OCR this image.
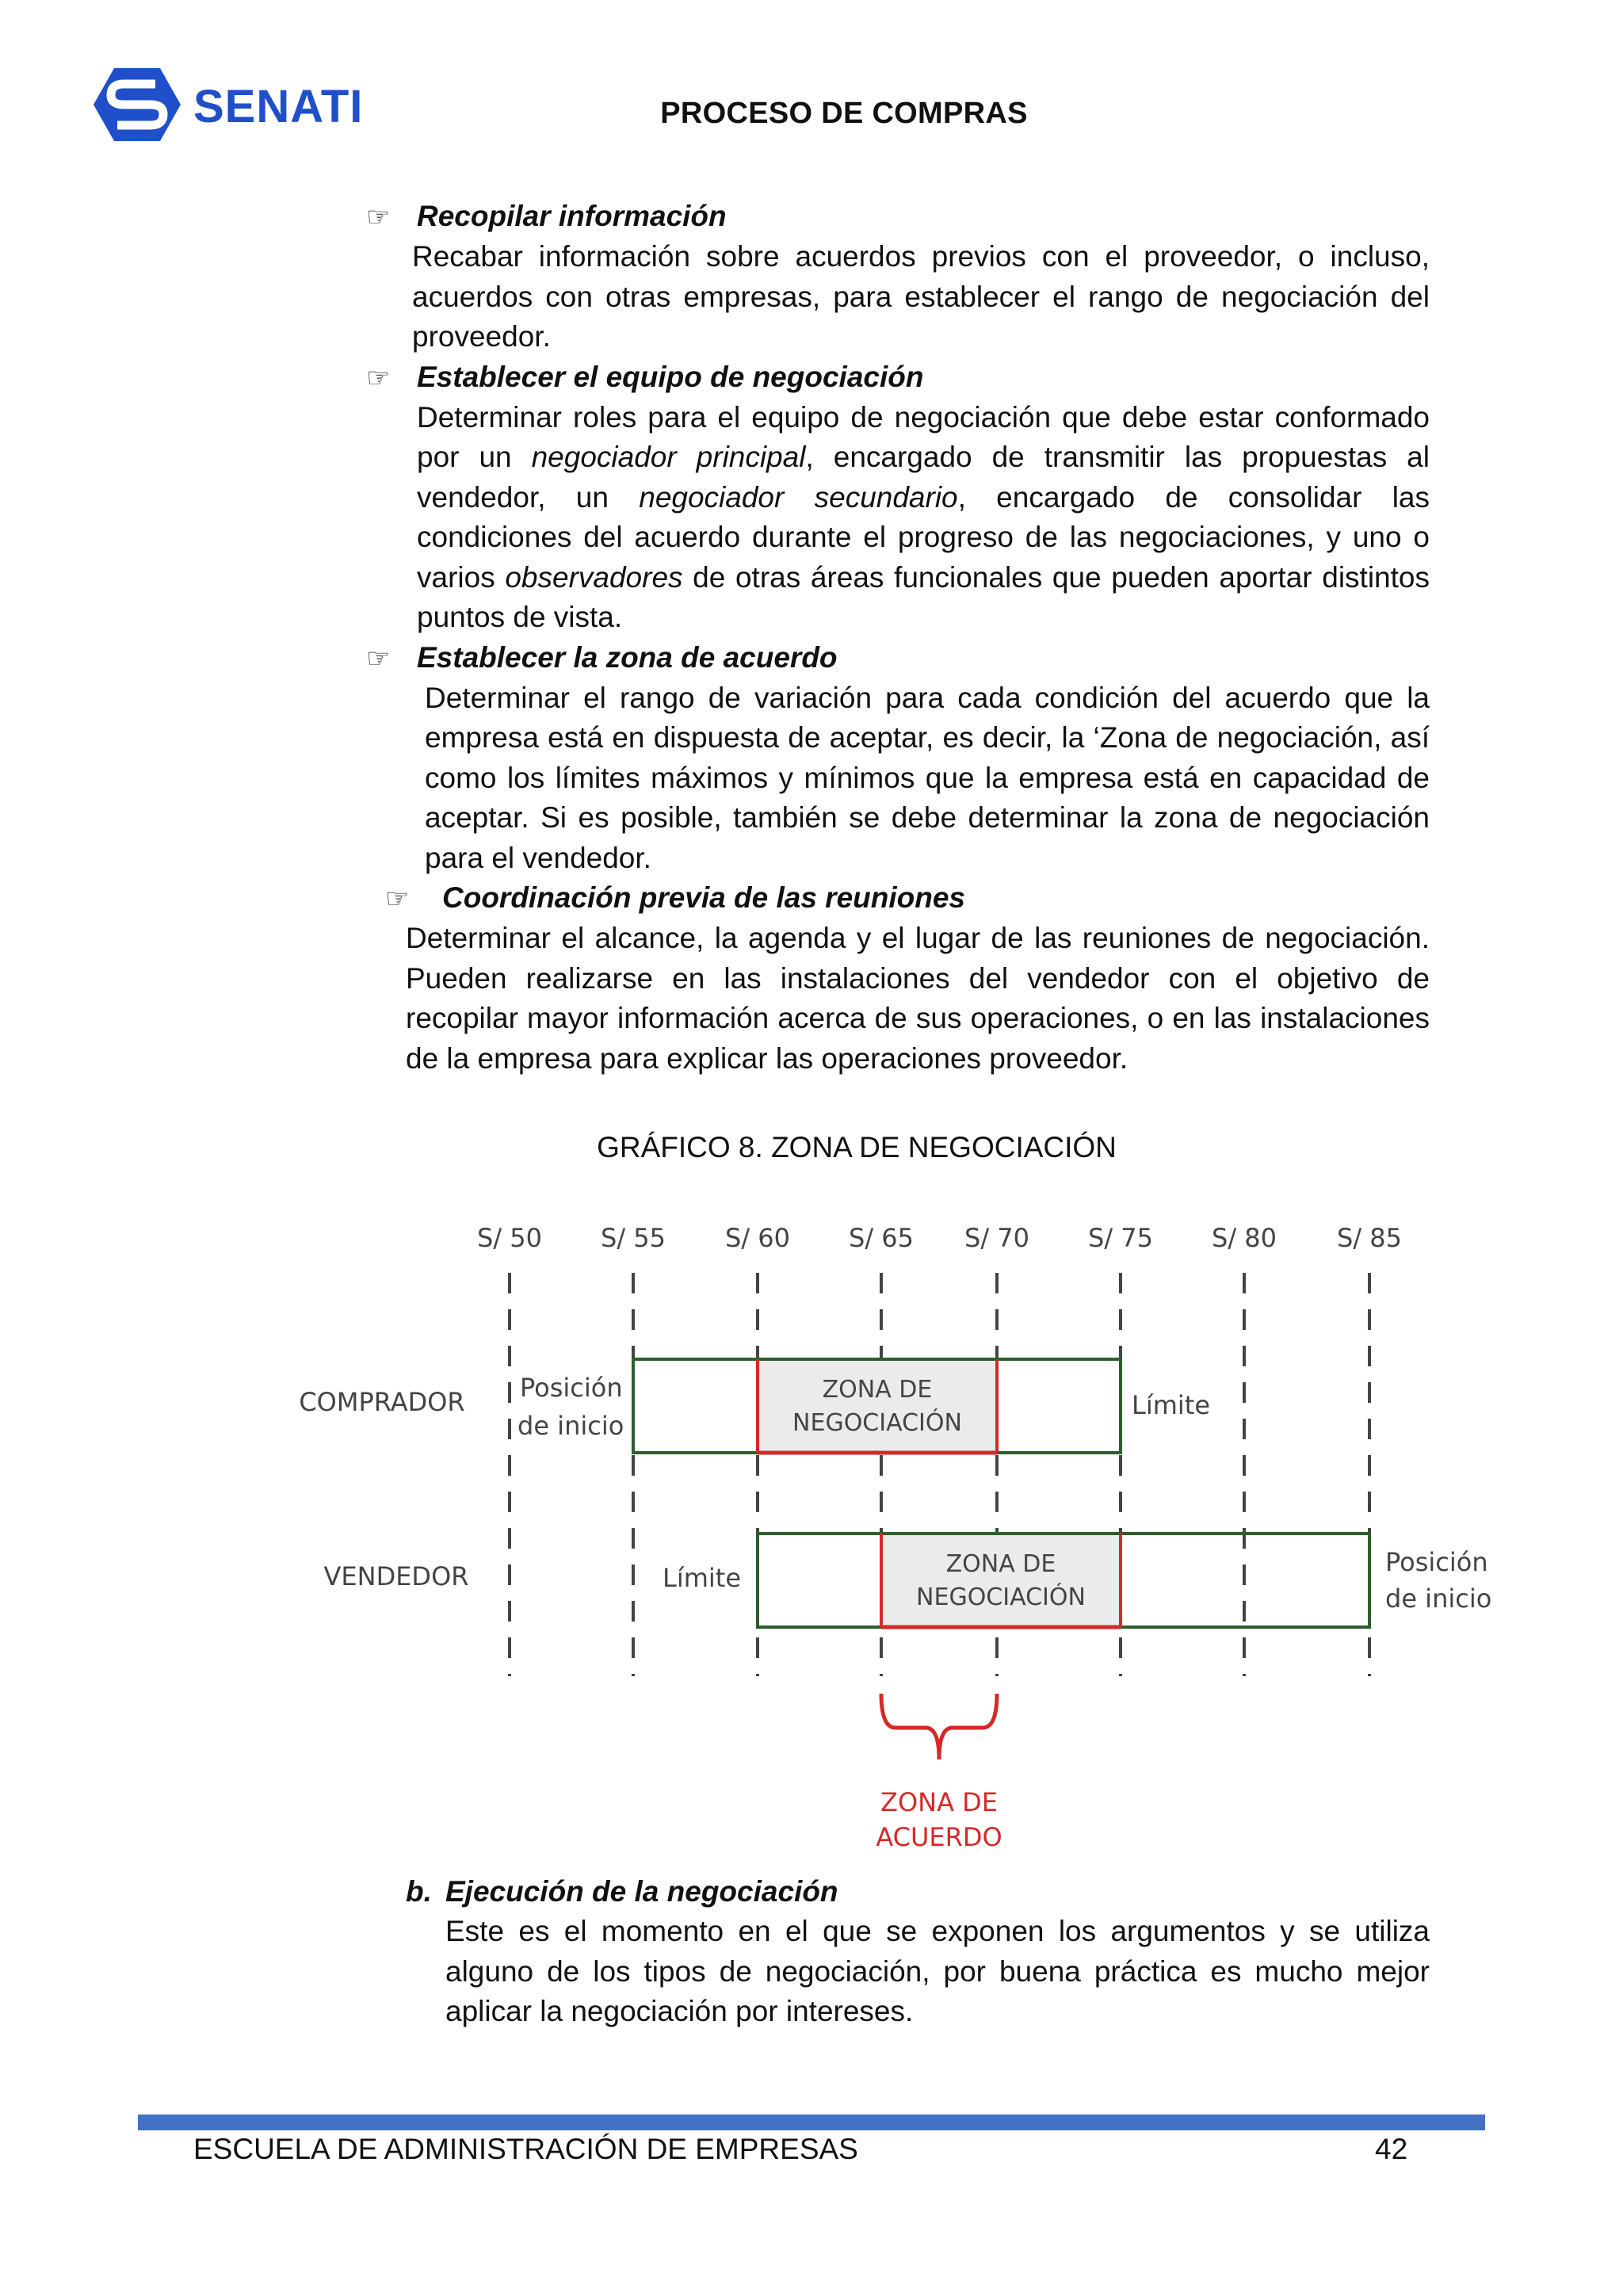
SENATI	PROCESO DE COMPRAS
☞ Recopilar información
Recabar información sobre acuerdos previos con el proveedor, o incluso, acuerdos con otras empresas, para establecer el rango de negociación del proveedor.
☞ Establecer el equipo de negociación
Determinar roles para el equipo de negociación que debe estar conformado por un negociador principal, encargado de transmitir las propuestas al vendedor, un negociador secundario, encargado de consolidar las condiciones del acuerdo durante el progreso de las negociaciones, y uno o varios observadores de otras áreas funcionales que pueden aportar distintos puntos de vista.
☞ Establecer la zona de acuerdo
Determinar el rango de variación para cada condición del acuerdo que la empresa está en dispuesta de aceptar, es decir, la ‘Zona de negociación, así como los límites máximos y mínimos que la empresa está en capacidad de aceptar. Si es posible, también se debe determinar la zona de negociación para el vendedor.
☞	Coordinación previa de las reuniones
Determinar el alcance, la agenda y el lugar de las reuniones de negociación. Pueden realizarse en las instalaciones del vendedor con el objetivo de recopilar mayor información acerca de sus operaciones, o en las instalaciones de la empresa para explicar las operaciones proveedor.
GRÁFICO 8. ZONA DE NEGOCIACIÓN
S/ 50 S/ 55 S/ 60 S/ 65 S/ 70 S/ 75 S/ 80 S/ 85
COMPRADOR Posición
de inicio
ZONA DE
NEGOCIACIÓN
Límite
VENDEDOR	Límite	ZONA DE
NEGOCIACIÓN
Posición
de inicio
ZONA DE
ACUERDO
b. Ejecución de la negociación
Este es el momento en el que se exponen los argumentos y se utiliza alguno de los tipos de negociación, por buena práctica es mucho mejor aplicar la negociación por intereses.
ESCUELA DE ADMINISTRACIÓN DE EMPRESAS	42
